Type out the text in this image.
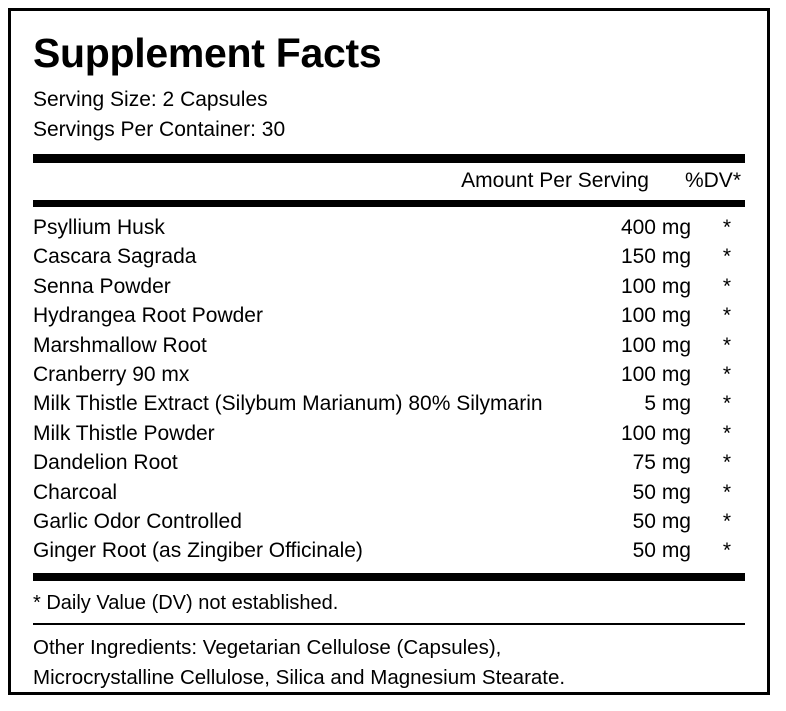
Supplement Facts
Serving Size: 2 Capsules
Servings Per Container: 30
Amount Per Serving	%DV*
Psyllium Husk	400 mg	*
Cascara Sagrada	150 mg	*
Senna Powder	100 mg	*
Hydrangea Root Powder	100 mg	*
Marshmallow Root	100 mg	*
Cranberry 90 mx	100 mg	*
Milk Thistle Extract (Silybum Marianum) 80% Silymarin	5 mg	*
Milk Thistle Powder	100 mg	*
Dandelion Root	75 mg	*
Charcoal	50 mg	*
Garlic Odor Controlled	50 mg	*
Ginger Root (as Zingiber Officinale)	50 mg	*
* Daily Value (DV) not established.
Other Ingredients: Vegetarian Cellulose (Capsules),
Microcrystalline Cellulose, Silica and Magnesium Stearate.
